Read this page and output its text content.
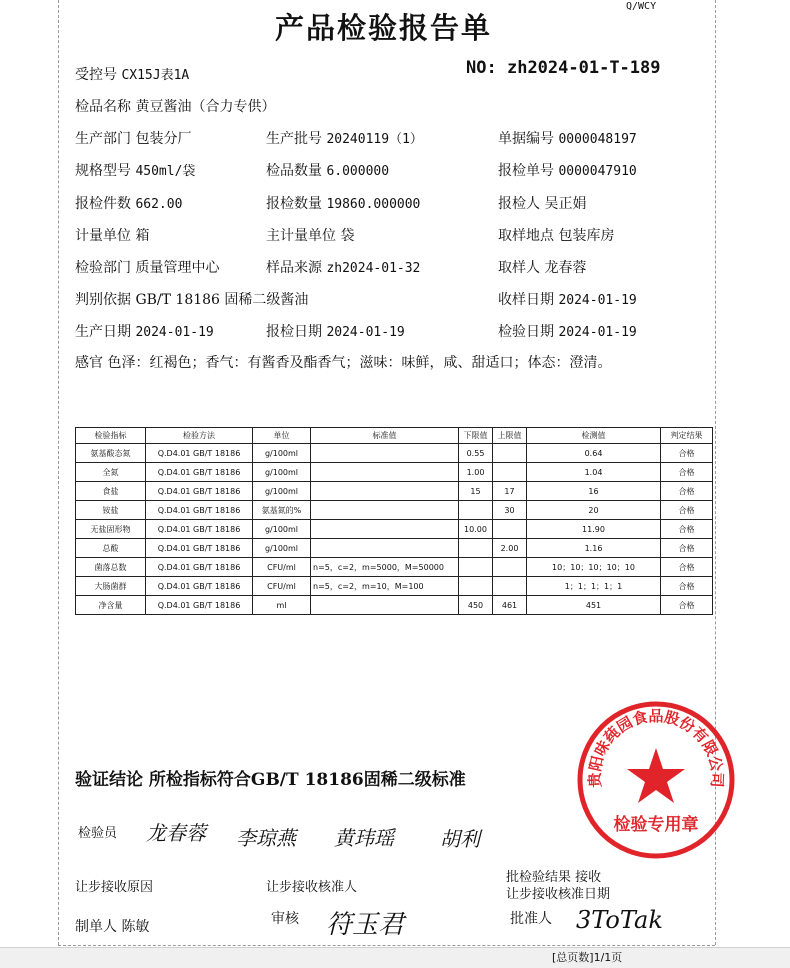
Q/WCY
产品检验报告单
受控号 CX15J表1A	NO: zh2024-01-T-189
检品名称 黄豆酱油（合力专供）
生产部门 包装分厂	生产批号 20240119（1）	单据编号 0000048197
规格型号 450ml/袋	检品数量 6.000000	报检单号 0000047910
报检件数 662.00	报检数量 19860.000000	报检人 吴正娟
计量单位 箱	主计量单位 袋	取样地点 包装库房
检验部门 质量管理中心	样品来源 zh2024-01-32	取样人 龙春蓉
判别依据 GB/T 18186 固稀二级酱油	收样日期 2024-01-19
生产日期 2024-01-19	报检日期 2024-01-19	检验日期 2024-01-19
感官 色泽：红褐色；香气：有酱香及酯香气；滋味：味鲜，咸、甜适口；体态：澄清。
检验指标	检验方法	单位	标准值	下限值	上限值	检测值	判定结果
氨基酸态氮	Q.D4.01 GB/T 18186	g/100ml		0.55		0.64	合格
全氮	Q.D4.01 GB/T 18186	g/100ml		1.00		1.04	合格
食盐	Q.D4.01 GB/T 18186	g/100ml		15	17	16	合格
铵盐	Q.D4.01 GB/T 18186	氨基氮的%			30	20	合格
无盐固形物	Q.D4.01 GB/T 18186	g/100ml		10.00		11.90	合格
总酸	Q.D4.01 GB/T 18186	g/100ml			2.00	1.16	合格
菌落总数	Q.D4.01 GB/T 18186	CFU/ml	n=5，c=2，m=5000，M=50000			10；10；10；10；10	合格
大肠菌群	Q.D4.01 GB/T 18186	CFU/ml	n=5，c=2，m=10，M=100			1；1；1；1；1	合格
净含量	Q.D4.01 GB/T 18186	ml		450	461	451	合格
验证结论 所检指标符合GB/T 18186固稀二级标准
检验员 龙春蓉 李琼燕 黄玮瑶 胡利
让步接收原因	让步接收核准人
批检验结果 接收
让步接收核准日期
制单人 陈敏	审核 符玉君	批准人 3ToTak
贵阳味莼园食品股份有限公司
检验专用章
[总页数]1/1页
